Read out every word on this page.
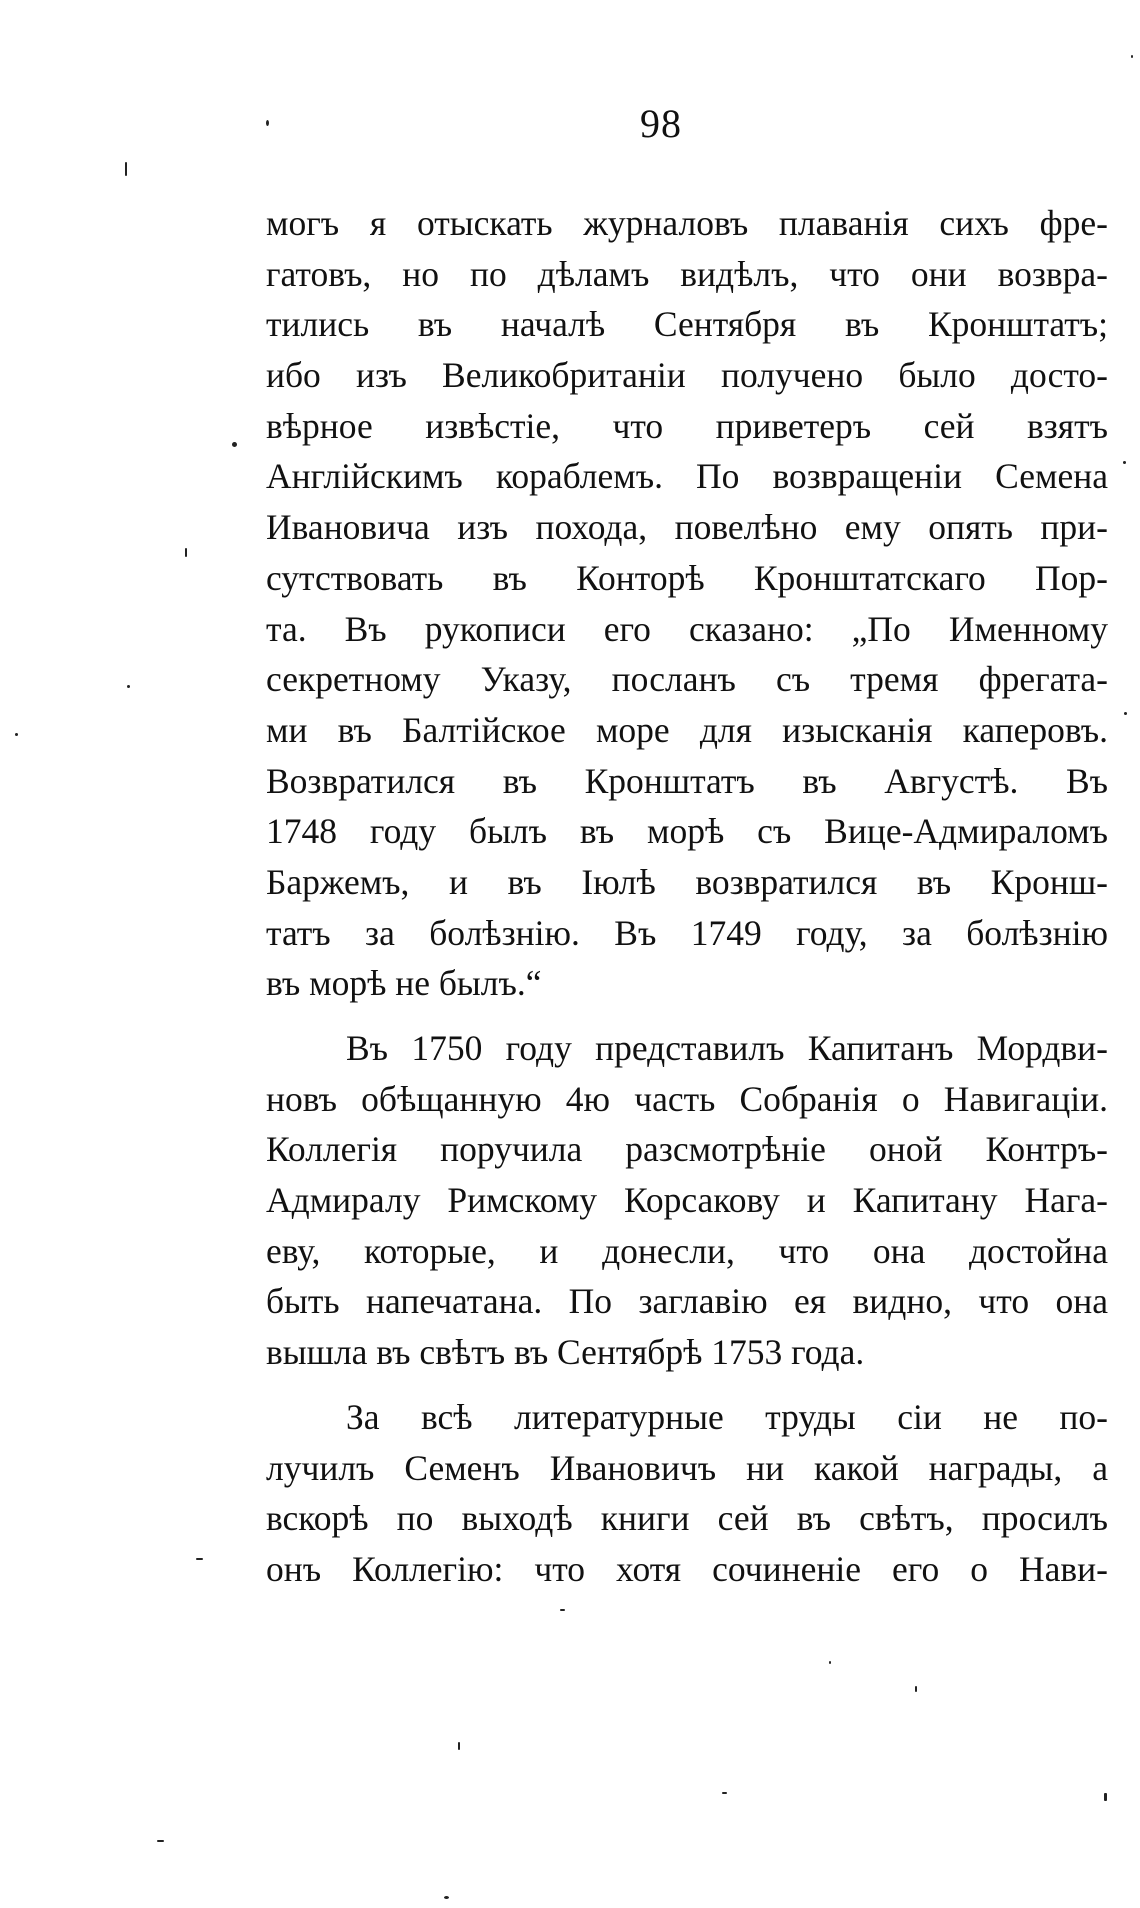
98
могъ я отыскать журналовъ плаванія сихъ фре-
гатовъ, но по дѣламъ видѣлъ, что они возвра-
тились въ началѣ Сентября въ Кронштатъ;
ибо изъ Великобританіи получено было досто-
вѣрное извѣстіе, что приветеръ сей взятъ
Англійскимъ кораблемъ. По возвращеніи Семена
Ивановича изъ похода, повелѣно ему опять при-
сутствовать въ Конторѣ Кронштатскаго Пор-
та. Въ рукописи его сказано: „По Именному
секретному Указу, посланъ съ тремя фрегата-
ми въ Балтійское море для изысканія каперовъ.
Возвратился въ Кронштатъ въ Августѣ. Въ
1748 году былъ въ морѣ съ Вице-Адмираломъ
Баржемъ, и въ Іюлѣ возвратился въ Кронш-
татъ за болѣзнію. Въ 1749 году, за болѣзнію
въ морѣ не былъ.“
Въ 1750 году представилъ Капитанъ Мордви-
новъ обѣщанную 4ю часть Собранія о Навигаціи.
Коллегія поручила разсмотрѣніе оной Контръ-
Адмиралу Римскому Корсакову и Капитану Нага-
еву, которые, и донесли, что она достойна
быть напечатана. По заглавію ея видно, что она
вышла въ свѣтъ въ Сентябрѣ 1753 года.
За всѣ литературные труды сіи не по-
лучилъ Семенъ Ивановичъ ни какой награды, а
вскорѣ по выходѣ книги сей въ свѣтъ, просилъ
онъ Коллегію: что хотя сочиненіе его о Нави-
